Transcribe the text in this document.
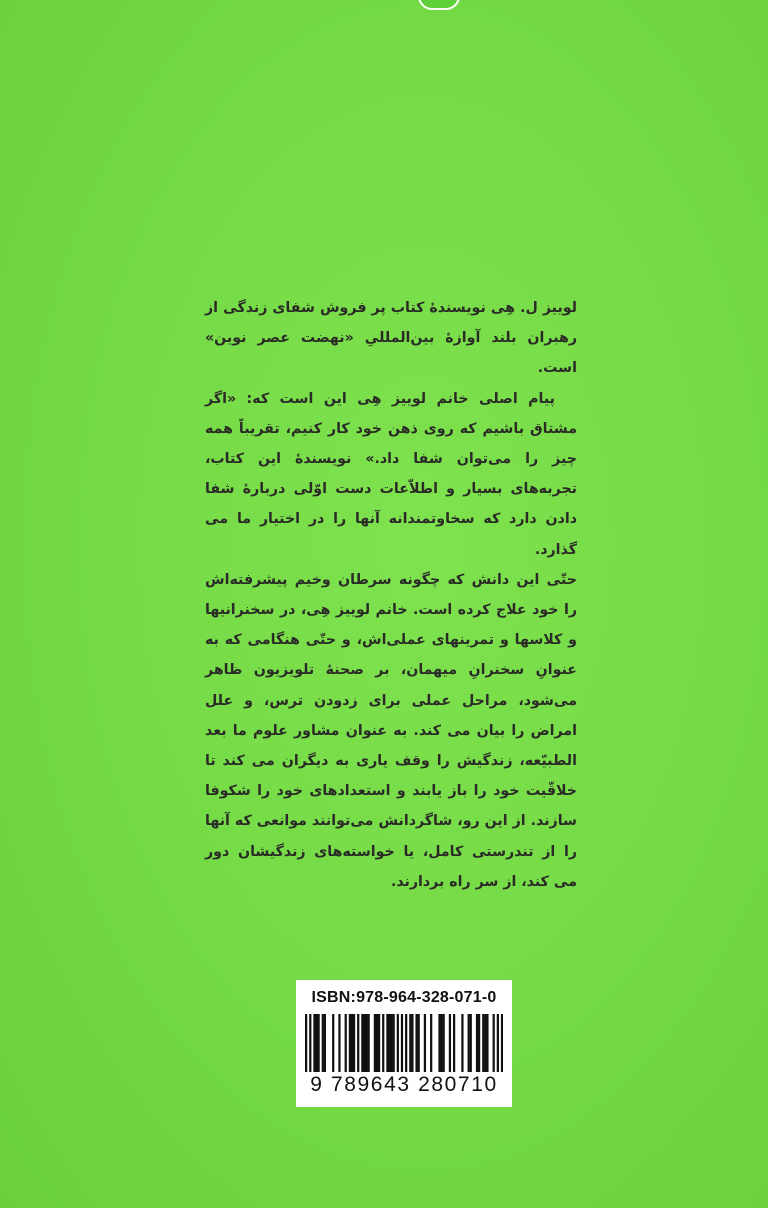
لوییز ل. هِی نویسندهٔ کتاب پر فروش شفای زندگی از رهبران بلند آوازهٔ بین‌المللیِ «نهضت عصر نوین» است.

پیام اصلی خانم لوییز هِی این است که: «اگر مشتاق باشیم که روی ذهن خود کار کنیم، تقریباً همه چیز را می‌توان شفا داد.» نویسندهٔ این کتاب، تجربه‌های بسیار و اطلاّعات دست اوّلی دربارهٔ شفا دادن دارد که سخاوتمندانه آنها را در اختیار ما می گذارد.

حتّی این دانش که چگونه سرطان وخیم پیشرفته‌اش را خود علاج کرده است. خانم لوییز هِی، در سخنرانیها و کلاسها و تمرینهای عملی‌اش، و حتّی هنگامی که به عنوانِ سخنرانِ میهمان، بر صحنهٔ تلویزیون ظاهر می‌شود، مراحل عملی برای زدودن ترس، و علل امراض را بیان می کند. به عنوان مشاور علوم ما بعد الطبیّعه، زندگیش را وقف یاری به دیگران می کند تا خلاقّیت خود را باز یابند و استعدادهای خود را شکوفا سازند. از این رو، شاگردانش می‌توانند موانعی که آنها را از تندرستی کامل، یا خواسته‌های زندگیشان دور می کند، از سر راه بردارند.

ISBN:978-964-328-071-0
9 789643 280710
